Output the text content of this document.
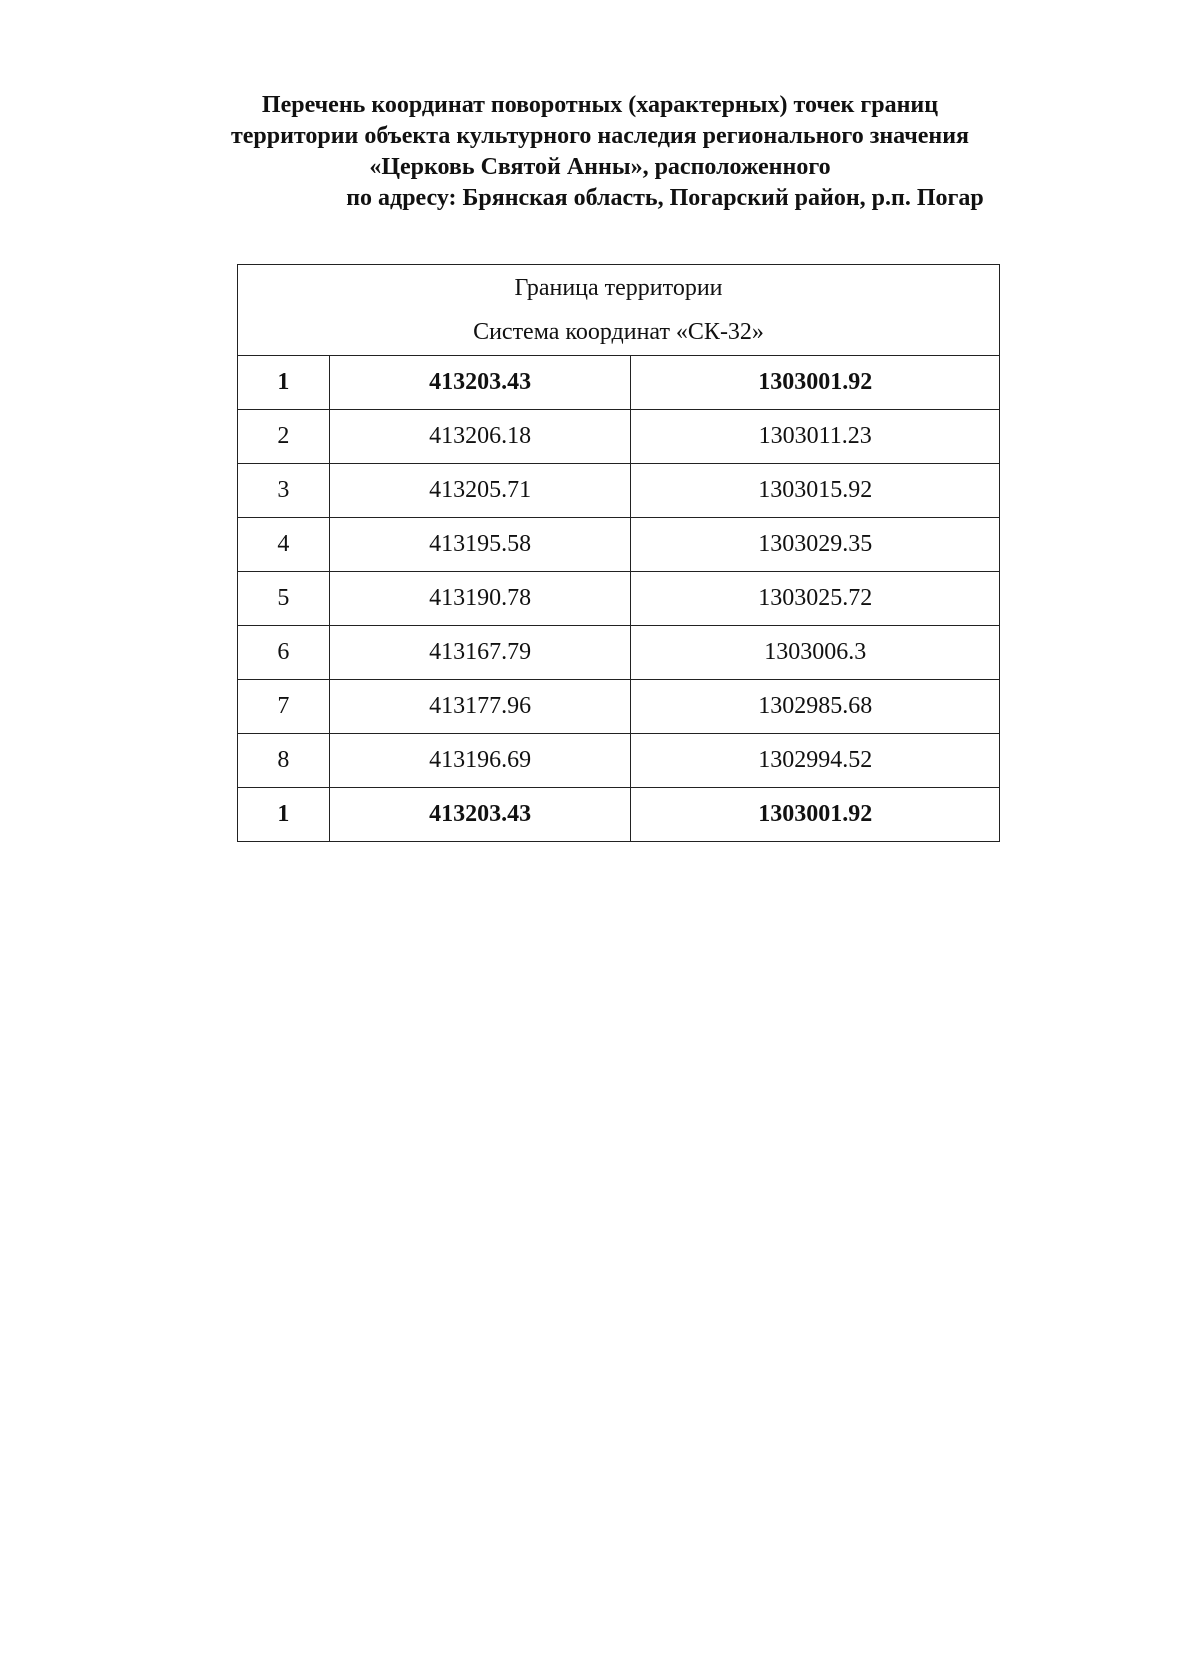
Перечень координат поворотных (характерных) точек границ
территории объекта культурного наследия регионального значения
«Церковь Святой Анны», расположенного
по адресу: Брянская область, Погарский район, р.п. Погар
Граница территории
Система координат «СК-32»		

1	413203.43	1303001.92
2	413206.18	1303011.23
3	413205.71	1303015.92
4	413195.58	1303029.35
5	413190.78	1303025.72
6	413167.79	1303006.3
7	413177.96	1302985.68
8	413196.69	1302994.52
1	413203.43	1303001.92
